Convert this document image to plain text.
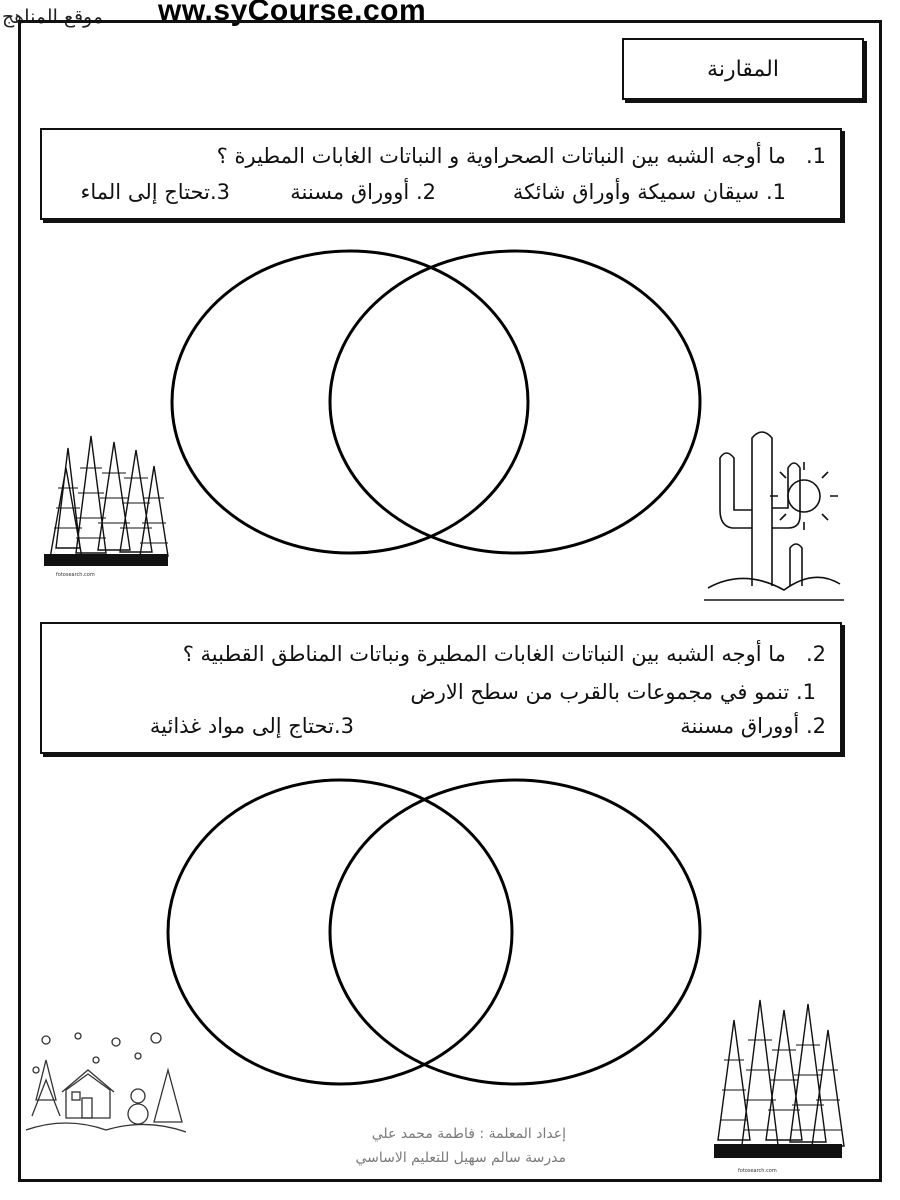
موقع المناهج ww.syCourse.com
المقارنة
1.   ما أوجه الشبه بين النباتات الصحراوية و النباتات الغابات المطيرة ؟
1. سيقان سميكة وأوراق شائكة
2. أووراق مسننة
3.تحتاج إلى الماء
fotosearch.com
2.   ما أوجه الشبه بين النباتات الغابات المطيرة ونباتات المناطق القطبية ؟
1. تنمو في مجموعات بالقرب من سطح الارض
2. أووراق مسننة
3.تحتاج إلى مواد غذائية
fotosearch.com
إعداد المعلمة : فاطمة محمد علي
مدرسة سالم سهيل للتعليم الاساسي
